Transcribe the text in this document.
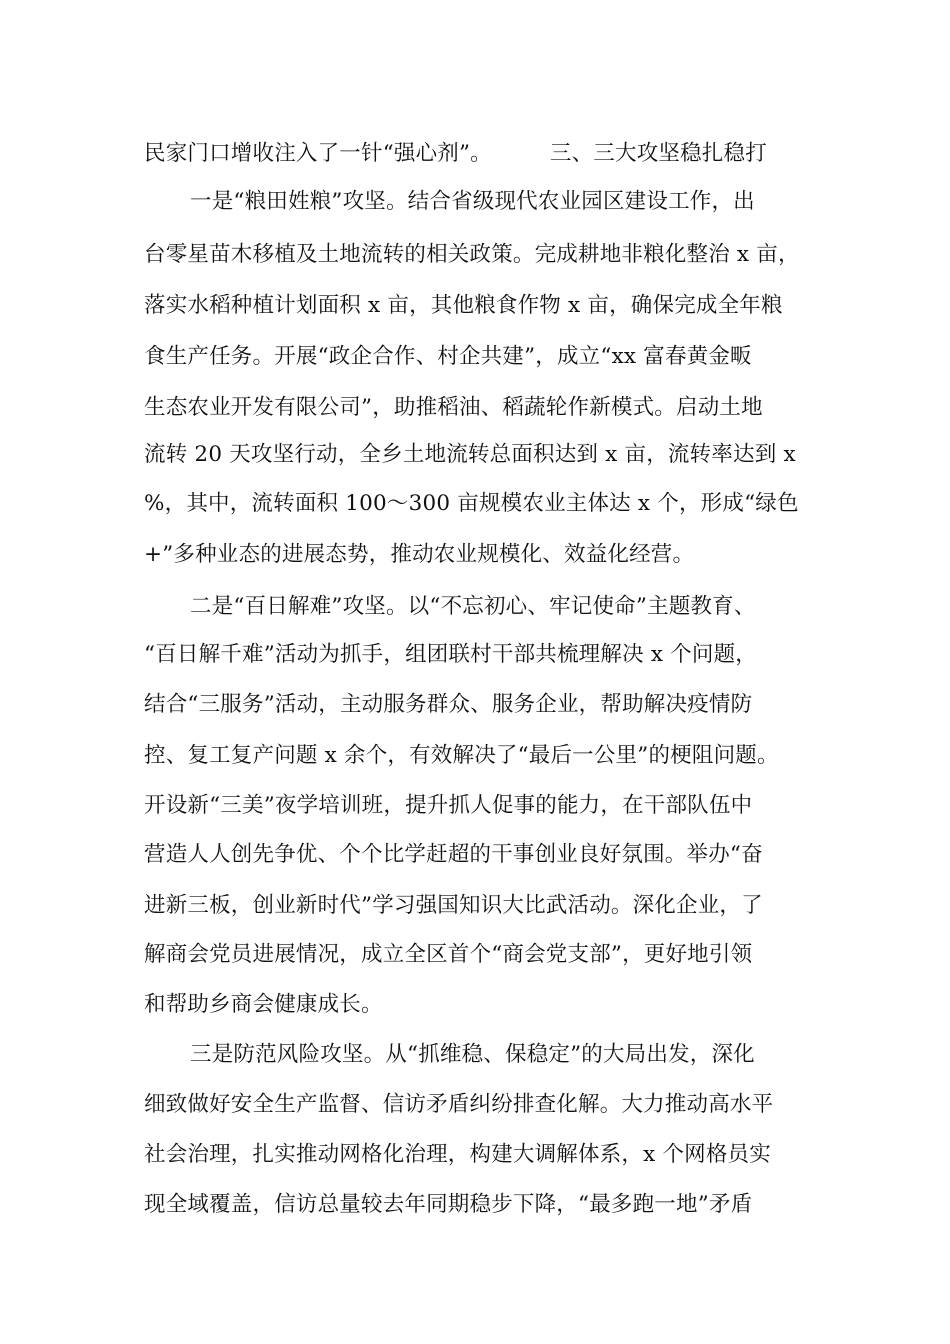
民家门口增收注入了一针“强心剂”。	三、三大攻坚稳扎稳打
一是“粮田姓粮”攻坚。结合省级现代农业园区建设工作，出
台零星苗木移植及土地流转的相关政策。完成耕地非粮化整治 x 亩，
落实水稻种植计划面积 x 亩，其他粮食作物 x 亩，确保完成全年粮
食生产任务。开展“政企合作、村企共建”，成立“xx 富春黄金畈
生态农业开发有限公司”，助推稻油、稻蔬轮作新模式。启动土地
流转 20 天攻坚行动，全乡土地流转总面积达到 x 亩，流转率达到 x
%，其中，流转面积 100～300 亩规模农业主体达 x 个，形成“绿色
+”多种业态的进展态势，推动农业规模化、效益化经营。
二是“百日解难”攻坚。以“不忘初心、牢记使命”主题教育、
“百日解千难”活动为抓手，组团联村干部共梳理解决 x 个问题，
结合“三服务”活动，主动服务群众、服务企业，帮助解决疫情防
控、复工复产问题 x 余个，有效解决了“最后一公里”的梗阻问题。
开设新“三美”夜学培训班，提升抓人促事的能力，在干部队伍中
营造人人创先争优、个个比学赶超的干事创业良好氛围。举办“奋
进新三板，创业新时代”学习强国知识大比武活动。深化企业，了
解商会党员进展情况，成立全区首个“商会党支部”，更好地引领
和帮助乡商会健康成长。
三是防范风险攻坚。从“抓维稳、保稳定”的大局出发，深化
细致做好安全生产监督、信访矛盾纠纷排查化解。大力推动高水平
社会治理，扎实推动网格化治理，构建大调解体系，x 个网格员实
现全域覆盖，信访总量较去年同期稳步下降，“最多跑一地”矛盾
